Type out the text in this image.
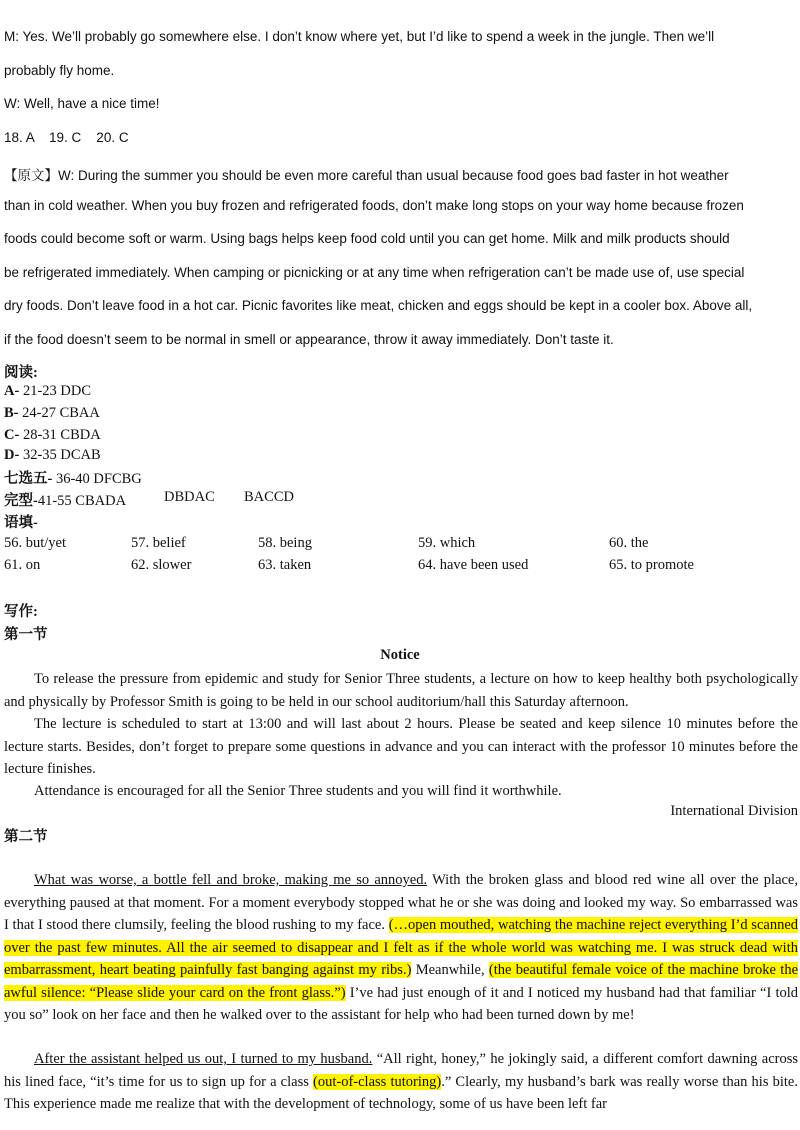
M: Yes. We’ll probably go somewhere else. I don’t know where yet, but I’d like to spend a week in the jungle. Then we’ll
probably fly home.
W: Well, have a nice time!
18. A    19. C    20. C
【原文】W: During the summer you should be even more careful than usual because food goes bad faster in hot weather
than in cold weather. When you buy frozen and refrigerated foods, don’t make long stops on your way home because frozen
foods could become soft or warm. Using bags helps keep food cold until you can get home. Milk and milk products should
be refrigerated immediately. When camping or picnicking or at any time when refrigeration can’t be made use of, use special
dry foods. Don’t leave food in a hot car. Picnic favorites like meat, chicken and eggs should be kept in a cooler box. Above all,
if the food doesn’t seem to be normal in smell or appearance, throw it away immediately. Don’t taste it.
阅读:
A- 21-23 DDC
B- 24-27 CBAA
C- 28-31 CBDA
D- 32-35 DCAB
七选五- 36-40 DFCBG
完型-41-55 CBADA	DBDAC BACCD
语填-
56. but/yet	57. belief	58. being	59. which	60. the
61. on	62. slower	63. taken	64. have been used	65. to promote
写作:
第一节
Notice

To release the pressure from epidemic and study for Senior Three students, a lecture on how to keep healthy both psychologically and physically by Professor Smith is going to be held in our school auditorium/hall this Saturday afternoon.

The lecture is scheduled to start at 13:00 and will last about 2 hours. Please be seated and keep silence 10 minutes before the lecture starts. Besides, don’t forget to prepare some questions in advance and you can interact with the professor 10 minutes before the lecture finishes.

Attendance is encouraged for all the Senior Three students and you will find it worthwhile.

International Division
第二节

What was worse, a bottle fell and broke, making me so annoyed. With the broken glass and blood red wine all over the place, everything paused at that moment. For a moment everybody stopped what he or she was doing and looked my way. So embarrassed was I that I stood there clumsily, feeling the blood rushing to my face. (…open mouthed, watching the machine reject everything I’d scanned over the past few minutes. All the air seemed to disappear and I felt as if the whole world was watching me. I was struck dead with embarrassment, heart beating painfully fast banging against my ribs.) Meanwhile, (the beautiful female voice of the machine broke the awful silence: “Please slide your card on the front glass.”) I’ve had just enough of it and I noticed my husband had that familiar “I told you so” look on her face and then he walked over to the assistant for help who had been turned down by me!

After the assistant helped us out, I turned to my husband. “All right, honey,” he jokingly said, a different comfort dawning across his lined face, “it’s time for us to sign up for a class (out-of-class tutoring).” Clearly, my husband’s bark was really worse than his bite. This experience made me realize that with the development of technology, some of us have been left far
